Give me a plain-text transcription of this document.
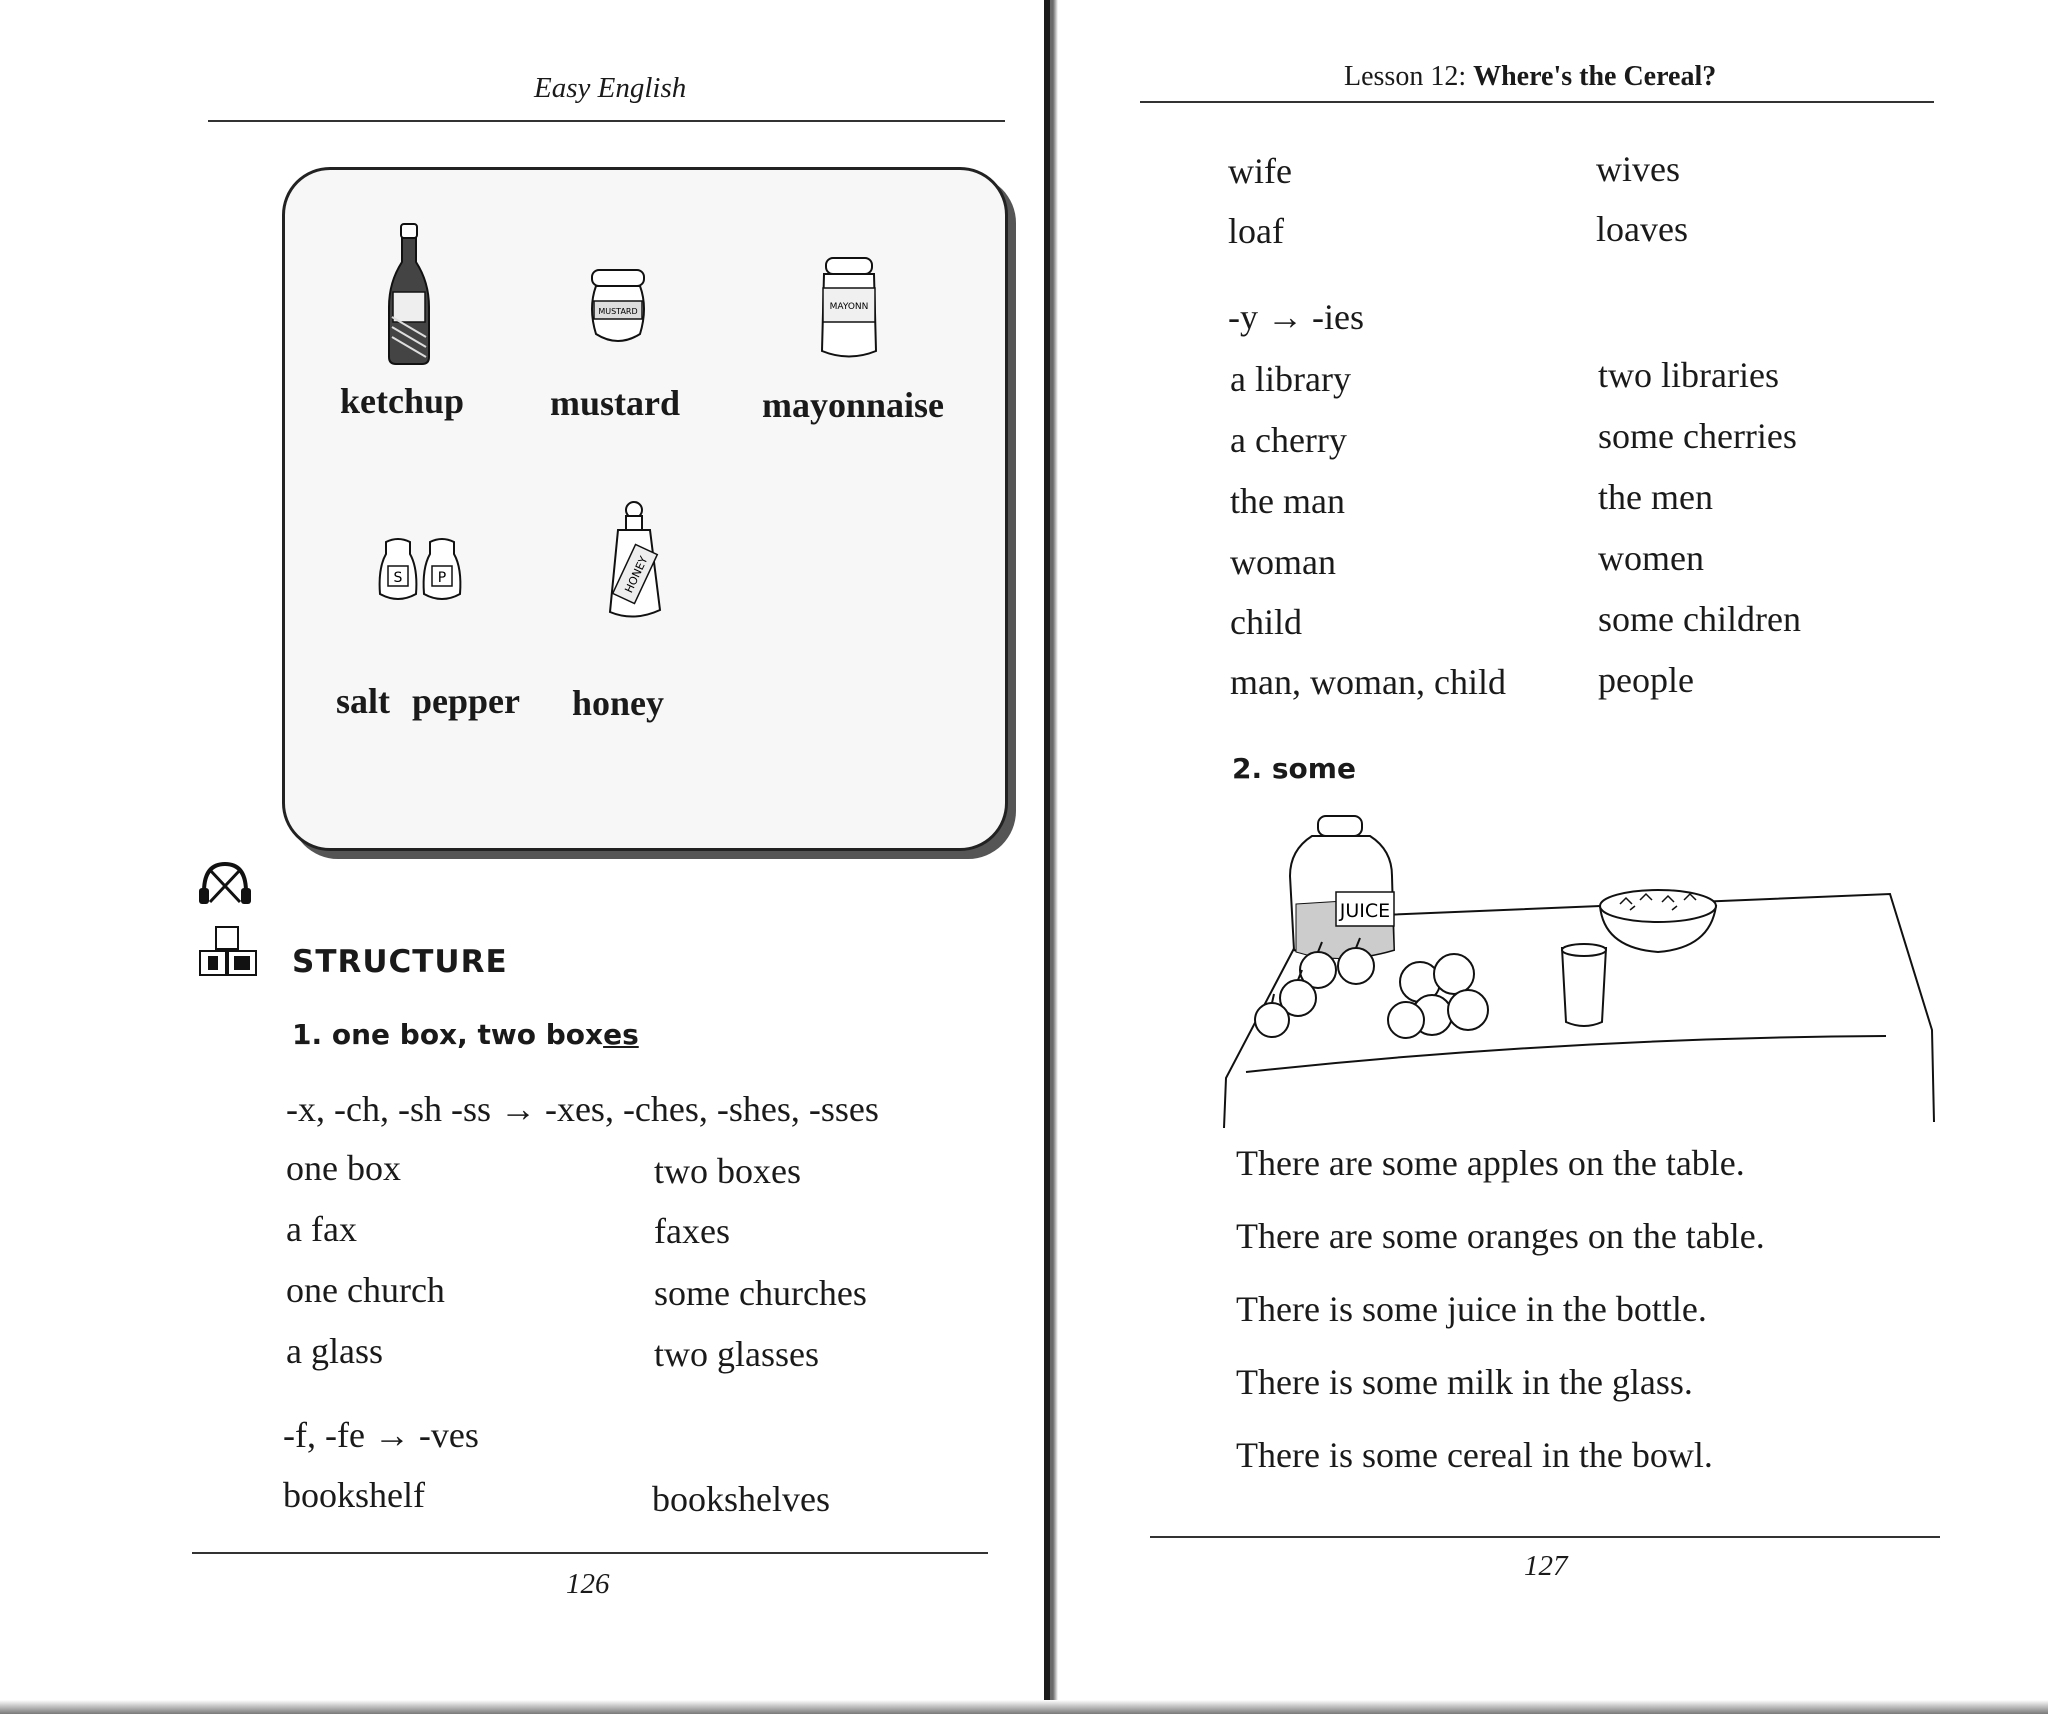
Easy English
MUSTARD	MAYONN
ketchup mustard mayonnaise
S	P	HONEY
salt pepper honey
STRUCTURE
1. one box, two boxes
-x, -ch, -sh -ss → -xes, -ches, -shes, -sses
one box	two boxes
a fax	faxes
one church	some churches
a glass	two glasses
-f, -fe → -ves
bookshelf	bookshelves
126
Lesson 12: Where's the Cereal?
wife	wives
loaf	loaves
-y → -ies
a library	two libraries
a cherry	some cherries
the man	the men
woman	women
child	some children
man, woman, child	people
2. some
JUICE
There are some apples on the table.
There are some oranges on the table.
There is some juice in the bottle.
There is some milk in the glass.
There is some cereal in the bowl.
127
